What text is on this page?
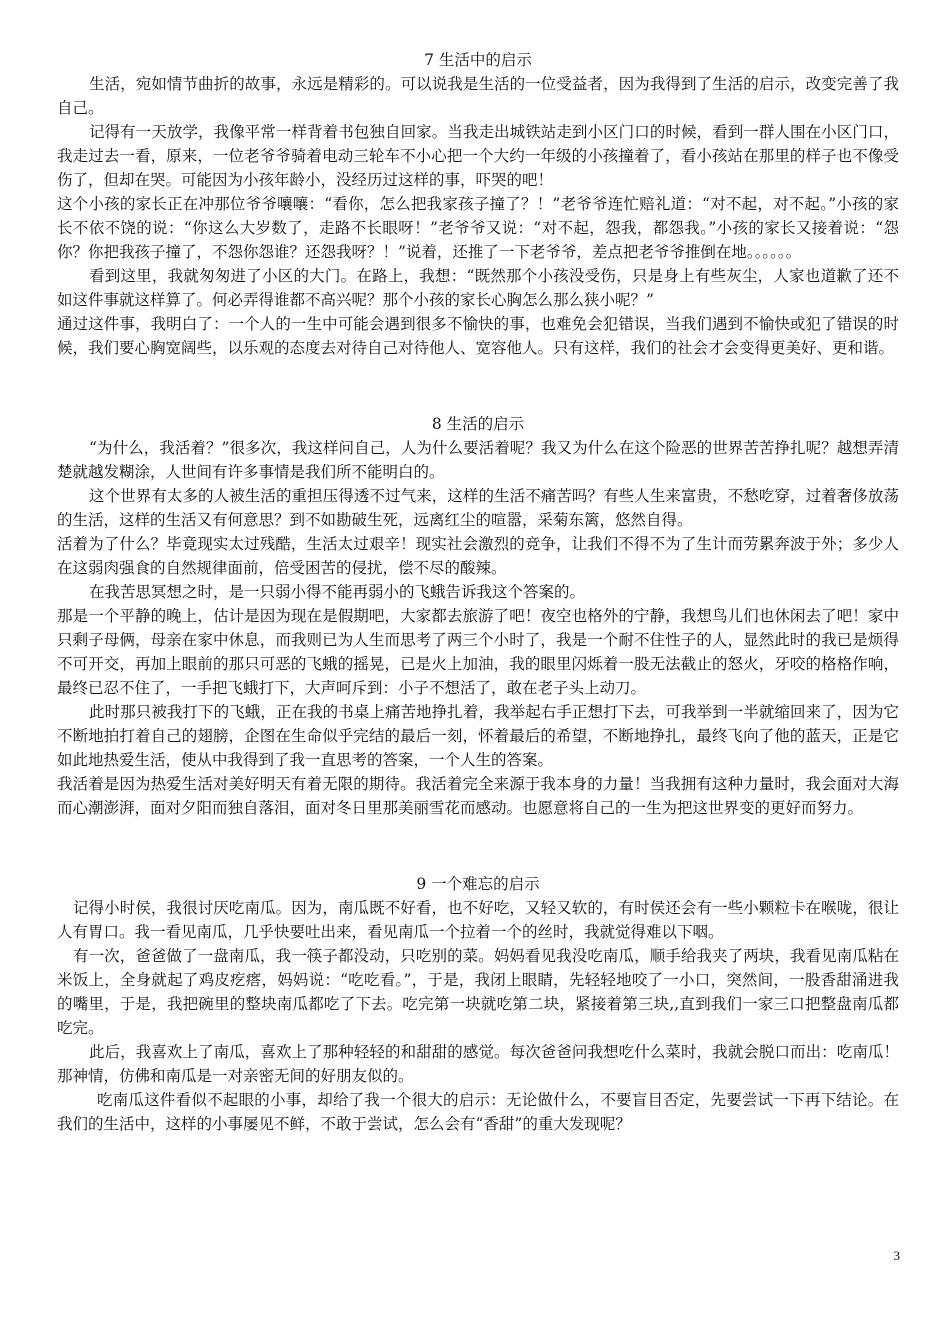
7 生活中的启示

生活，宛如情节曲折的故事，永远是精彩的。可以说我是生活的一位受益者，因为我得到了生活的启示，改变完善了我自己。

记得有一天放学，我像平常一样背着书包独自回家。当我走出城铁站走到小区门口的时候，看到一群人围在小区门口，我走过去一看，原来，一位老爷爷骑着电动三轮车不小心把一个大约一年级的小孩撞着了，看小孩站在那里的样子也不像受伤了，但却在哭。可能因为小孩年龄小，没经历过这样的事，吓哭的吧！

这个小孩的家长正在冲那位爷爷嚷嚷：“看你，怎么把我家孩子撞了？！”老爷爷连忙赔礼道：“对不起，对不起。”小孩的家长不依不饶的说：“你这么大岁数了，走路不长眼呀！”老爷爷又说：“对不起，怨我，都怨我。”小孩的家长又接着说：“怨你？你把我孩子撞了，不怨你怨谁？还怨我呀？！”说着，还推了一下老爷爷，差点把老爷爷推倒在地。。。。。。

看到这里，我就匆匆进了小区的大门。在路上，我想：“既然那个小孩没受伤，只是身上有些灰尘，人家也道歉了还不如这件事就这样算了。何必弄得谁都不高兴呢？那个小孩的家长心胸怎么那么狭小呢？”

通过这件事，我明白了：一个人的一生中可能会遇到很多不愉快的事，也难免会犯错误，当我们遇到不愉快或犯了错误的时候，我们要心胸宽阔些，以乐观的态度去对待自己对待他人、宽容他人。只有这样，我们的社会才会变得更美好、更和谐。

8 生活的启示

“为什么，我活着？”很多次，我这样问自己，人为什么要活着呢？我又为什么在这个险恶的世界苦苦挣扎呢？越想弄清楚就越发糊涂，人世间有许多事情是我们所不能明白的。

这个世界有太多的人被生活的重担压得透不过气来，这样的生活不痛苦吗？有些人生来富贵，不愁吃穿，过着奢侈放荡的生活，这样的生活又有何意思？到不如勘破生死，远离红尘的喧嚣，采菊东篱，悠然自得。

活着为了什么？毕竟现实太过残酷，生活太过艰辛！现实社会激烈的竞争，让我们不得不为了生计而劳累奔波于外；多少人在这弱肉强食的自然规律面前，倍受困苦的侵扰，偿不尽的酸辣。

在我苦思冥想之时，是一只弱小得不能再弱小的飞蛾告诉我这个答案的。

那是一个平静的晚上，估计是因为现在是假期吧，大家都去旅游了吧！夜空也格外的宁静，我想鸟儿们也休闲去了吧！家中只剩子母俩，母亲在家中休息，而我则已为人生而思考了两三个小时了，我是一个耐不住性子的人，显然此时的我已是烦得不可开交，再加上眼前的那只可恶的飞蛾的摇晃，已是火上加油，我的眼里闪烁着一股无法截止的怒火，牙咬的格格作响，最终已忍不住了，一手把飞蛾打下，大声呵斥到：小子不想活了，敢在老子头上动刀。

此时那只被我打下的飞蛾，正在我的书桌上痛苦地挣扎着，我举起右手正想打下去，可我举到一半就缩回来了，因为它不断地拍打着自己的翅膀，企图在生命似乎完结的最后一刻，怀着最后的希望，不断地挣扎，最终飞向了他的蓝天，正是它如此地热爱生活，使从中我得到了我一直思考的答案，一个人生的答案。

我活着是因为热爱生活对美好明天有着无限的期待。我活着完全来源于我本身的力量！当我拥有这种力量时，我会面对大海而心潮澎湃，面对夕阳而独自落泪，面对冬日里那美丽雪花而感动。也愿意将自己的一生为把这世界变的更好而努力。

9 一个难忘的启示

记得小时侯，我很讨厌吃南瓜。因为，南瓜既不好看，也不好吃，又轻又软的，有时侯还会有一些小颗粒卡在喉咙，很让人有胃口。我一看见南瓜，几乎快要吐出来，看见南瓜一个拉着一个的丝时，我就觉得难以下咽。

有一次，爸爸做了一盘南瓜，我一筷子都没动，只吃别的菜。妈妈看见我没吃南瓜，顺手给我夹了两块，我看见南瓜粘在米饭上，全身就起了鸡皮疙瘩，妈妈说：“吃吃看。”，于是，我闭上眼睛，先轻轻地咬了一小口，突然间，一股香甜涌进我的嘴里，于是，我把碗里的整块南瓜都吃了下去。吃完第一块就吃第二块，紧接着第三块,,直到我们一家三口把整盘南瓜都吃完。

此后，我喜欢上了南瓜，喜欢上了那种轻轻的和甜甜的感觉。每次爸爸问我想吃什么菜时，我就会脱口而出：吃南瓜！那神情，仿佛和南瓜是一对亲密无间的好朋友似的。

吃南瓜这件看似不起眼的小事，却给了我一个很大的启示：无论做什么，不要盲目否定，先要尝试一下再下结论。在我们的生活中，这样的小事屡见不鲜，不敢于尝试，怎么会有“香甜”的重大发现呢？

3
